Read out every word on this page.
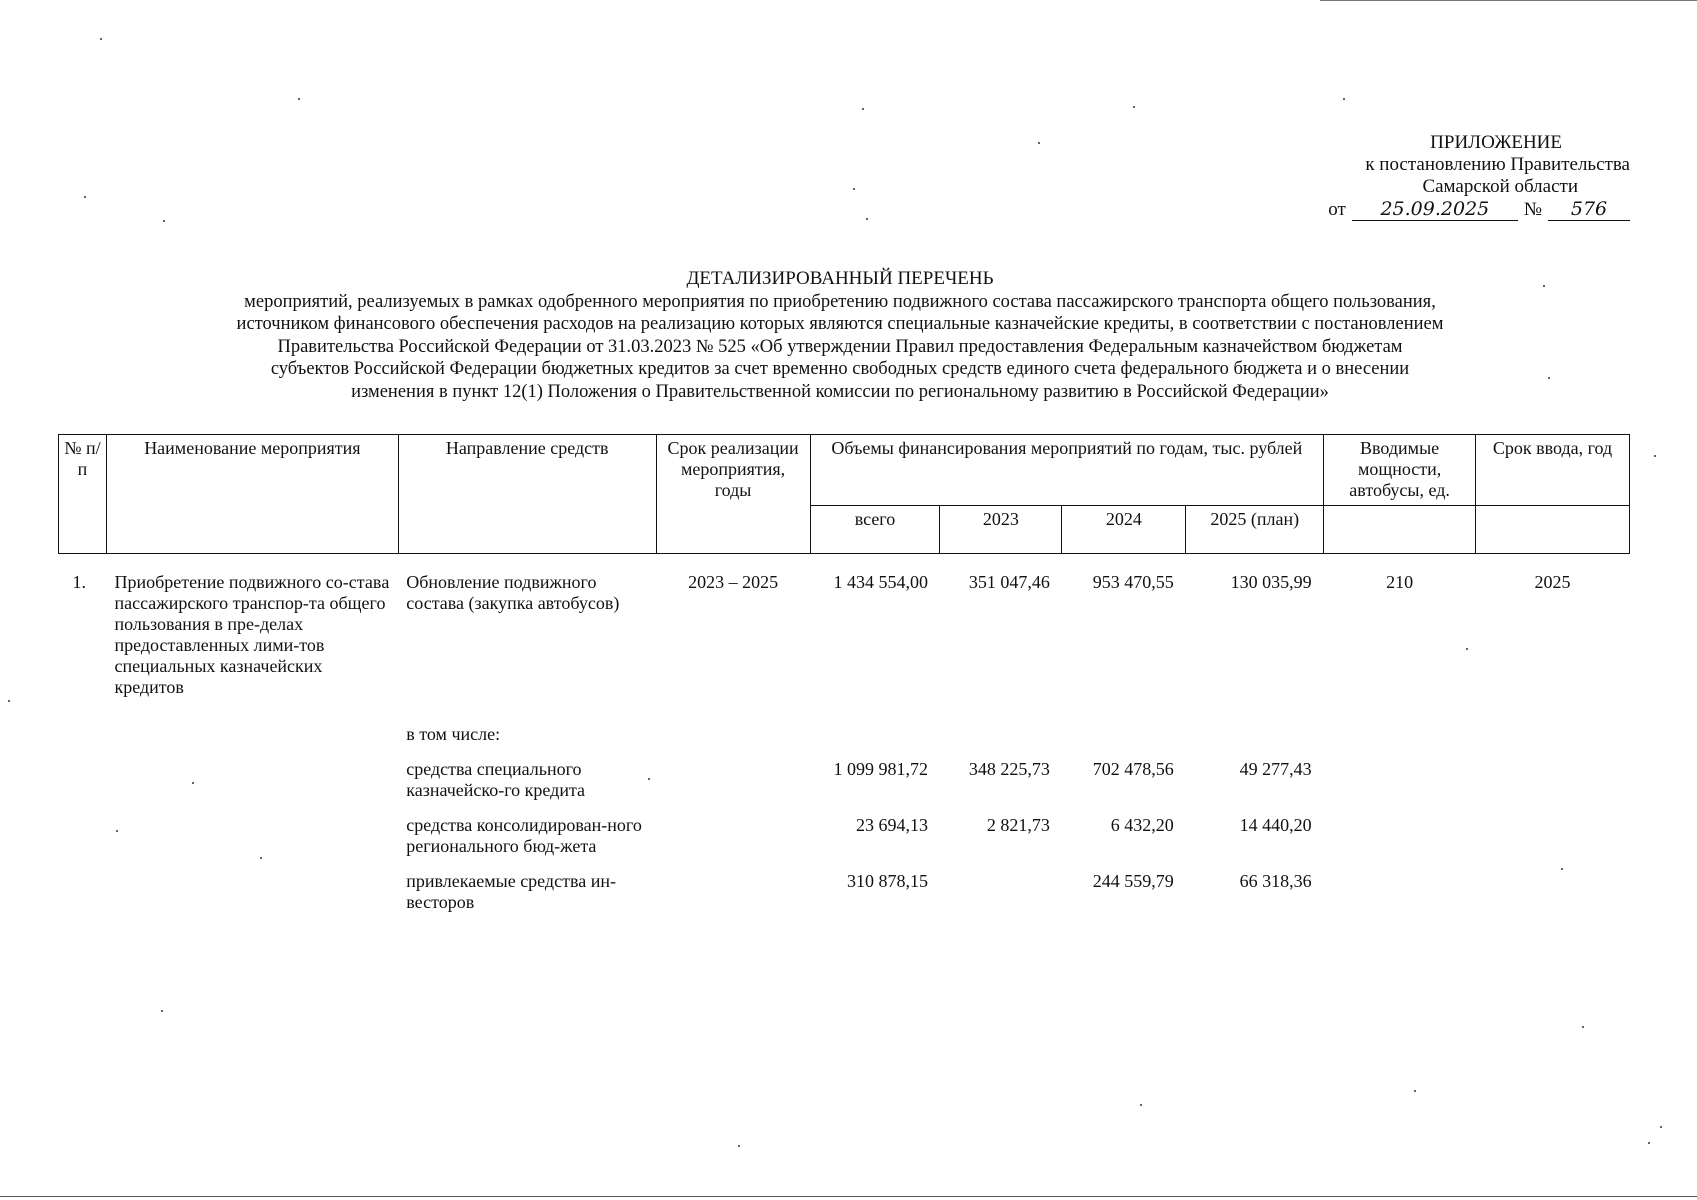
ПРИЛОЖЕНИЕ
к постановлению Правительства
Самарской области
от	25.09.2025	№	576
ДЕТАЛИЗИРОВАННЫЙ ПЕРЕЧЕНЬ
мероприятий, реализуемых в рамках одобренного мероприятия по приобретению подвижного состава пассажирского транспорта общего пользования,
источником финансового обеспечения расходов на реализацию которых являются специальные казначейские кредиты, в соответствии с постановлением
Правительства Российской Федерации от 31.03.2023 № 525 «Об утверждении Правил предоставления Федеральным казначейством бюджетам
субъектов Российской Федерации бюджетных кредитов за счет временно свободных средств единого счета федерального бюджета и о внесении
изменения в пункт 12(1) Положения о Правительственной комиссии по региональному развитию в Российской Федерации»
№ п/п	Наименование мероприятия	Направление средств	Срок реализации мероприятия, годы	Объемы финансирования мероприятий по годам, тыс. рублей				Вводимые мощности, автобусы, ед.	Срок ввода, год
				всего	2023	2024	2025 (план)		
1.	Приобретение подвижного со-ставa пассажирского транспор-та общего пользования в пре-делах предоставленных лими-тов специальных казначейских кредитов	Обновление подвижного состава (закупка автобусов)	2023 – 2025	1 434 554,00	351 047,46	953 470,55	130 035,99	210	2025
		в том числе:							
		средства специального казначейско-го кредита		1 099 981,72	348 225,73	702 478,56	49 277,43		
		средства консолидирован-ного регионального бюд-жета		23 694,13	2 821,73	6 432,20	14 440,20		
		привлекаемые средства ин-весторов		310 878,15		244 559,79	66 318,36		
